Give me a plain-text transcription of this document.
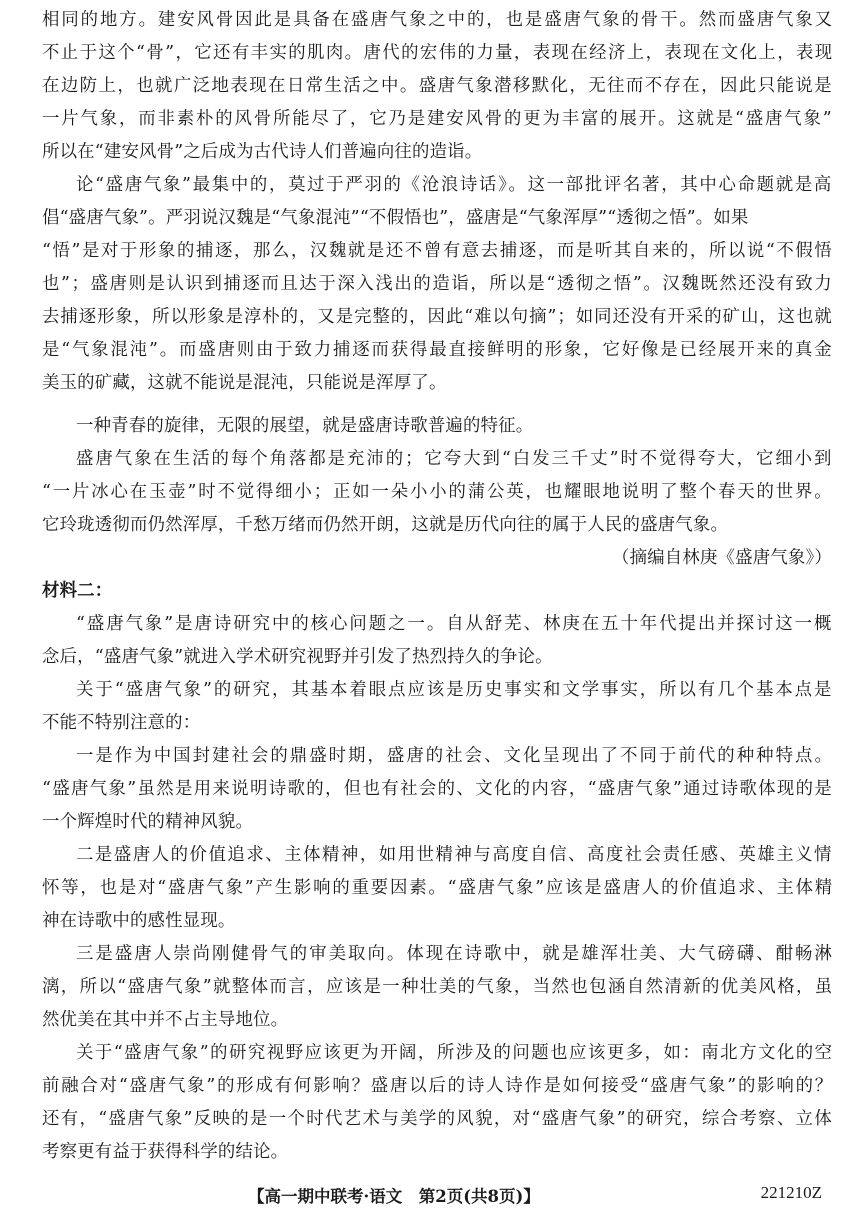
相同的地方。建安风骨因此是具备在盛唐气象之中的，也是盛唐气象的骨干。然而盛唐气象又
不止于这个“骨”，它还有丰实的肌肉。唐代的宏伟的力量，表现在经济上，表现在文化上，表现
在边防上，也就广泛地表现在日常生活之中。盛唐气象潜移默化，无往而不存在，因此只能说是
一片气象，而非素朴的风骨所能尽了，它乃是建安风骨的更为丰富的展开。这就是“盛唐气象”
所以在“建安风骨”之后成为古代诗人们普遍向往的造诣。
论“盛唐气象”最集中的，莫过于严羽的《沧浪诗话》。这一部批评名著，其中心命题就是高
倡“盛唐气象”。严羽说汉魏是“气象混沌”“不假悟也”，盛唐是“气象浑厚”“透彻之悟”。如果
“悟”是对于形象的捕逐，那么，汉魏就是还不曾有意去捕逐，而是听其自来的，所以说“不假悟
也”；盛唐则是认识到捕逐而且达于深入浅出的造诣，所以是“透彻之悟”。汉魏既然还没有致力
去捕逐形象，所以形象是淳朴的，又是完整的，因此“难以句摘”；如同还没有开采的矿山，这也就
是“气象混沌”。而盛唐则由于致力捕逐而获得最直接鲜明的形象，它好像是已经展开来的真金
美玉的矿藏，这就不能说是混沌，只能说是浑厚了。
一种青春的旋律，无限的展望，就是盛唐诗歌普遍的特征。
盛唐气象在生活的每个角落都是充沛的；它夸大到“白发三千丈”时不觉得夸大，它细小到
“一片冰心在玉壶”时不觉得细小；正如一朵小小的蒲公英，也耀眼地说明了整个春天的世界。
它玲珑透彻而仍然浑厚，千愁万绪而仍然开朗，这就是历代向往的属于人民的盛唐气象。
（摘编自林庚《盛唐气象》）
材料二：
“盛唐气象”是唐诗研究中的核心问题之一。自从舒芜、林庚在五十年代提出并探讨这一概
念后，“盛唐气象”就进入学术研究视野并引发了热烈持久的争论。
关于“盛唐气象”的研究，其基本着眼点应该是历史事实和文学事实，所以有几个基本点是
不能不特别注意的：
一是作为中国封建社会的鼎盛时期，盛唐的社会、文化呈现出了不同于前代的种种特点。
“盛唐气象”虽然是用来说明诗歌的，但也有社会的、文化的内容，“盛唐气象”通过诗歌体现的是
一个辉煌时代的精神风貌。
二是盛唐人的价值追求、主体精神，如用世精神与高度自信、高度社会责任感、英雄主义情
怀等，也是对“盛唐气象”产生影响的重要因素。“盛唐气象”应该是盛唐人的价值追求、主体精
神在诗歌中的感性显现。
三是盛唐人崇尚刚健骨气的审美取向。体现在诗歌中，就是雄浑壮美、大气磅礴、酣畅淋
漓，所以“盛唐气象”就整体而言，应该是一种壮美的气象，当然也包涵自然清新的优美风格，虽
然优美在其中并不占主导地位。
关于“盛唐气象”的研究视野应该更为开阔，所涉及的问题也应该更多，如：南北方文化的空
前融合对“盛唐气象”的形成有何影响？盛唐以后的诗人诗作是如何接受“盛唐气象”的影响的？
还有，“盛唐气象”反映的是一个时代艺术与美学的风貌，对“盛唐气象”的研究，综合考察、立体
考察更有益于获得科学的结论。
【高一期中联考·语文　第2页(共8页)】	221210Z
